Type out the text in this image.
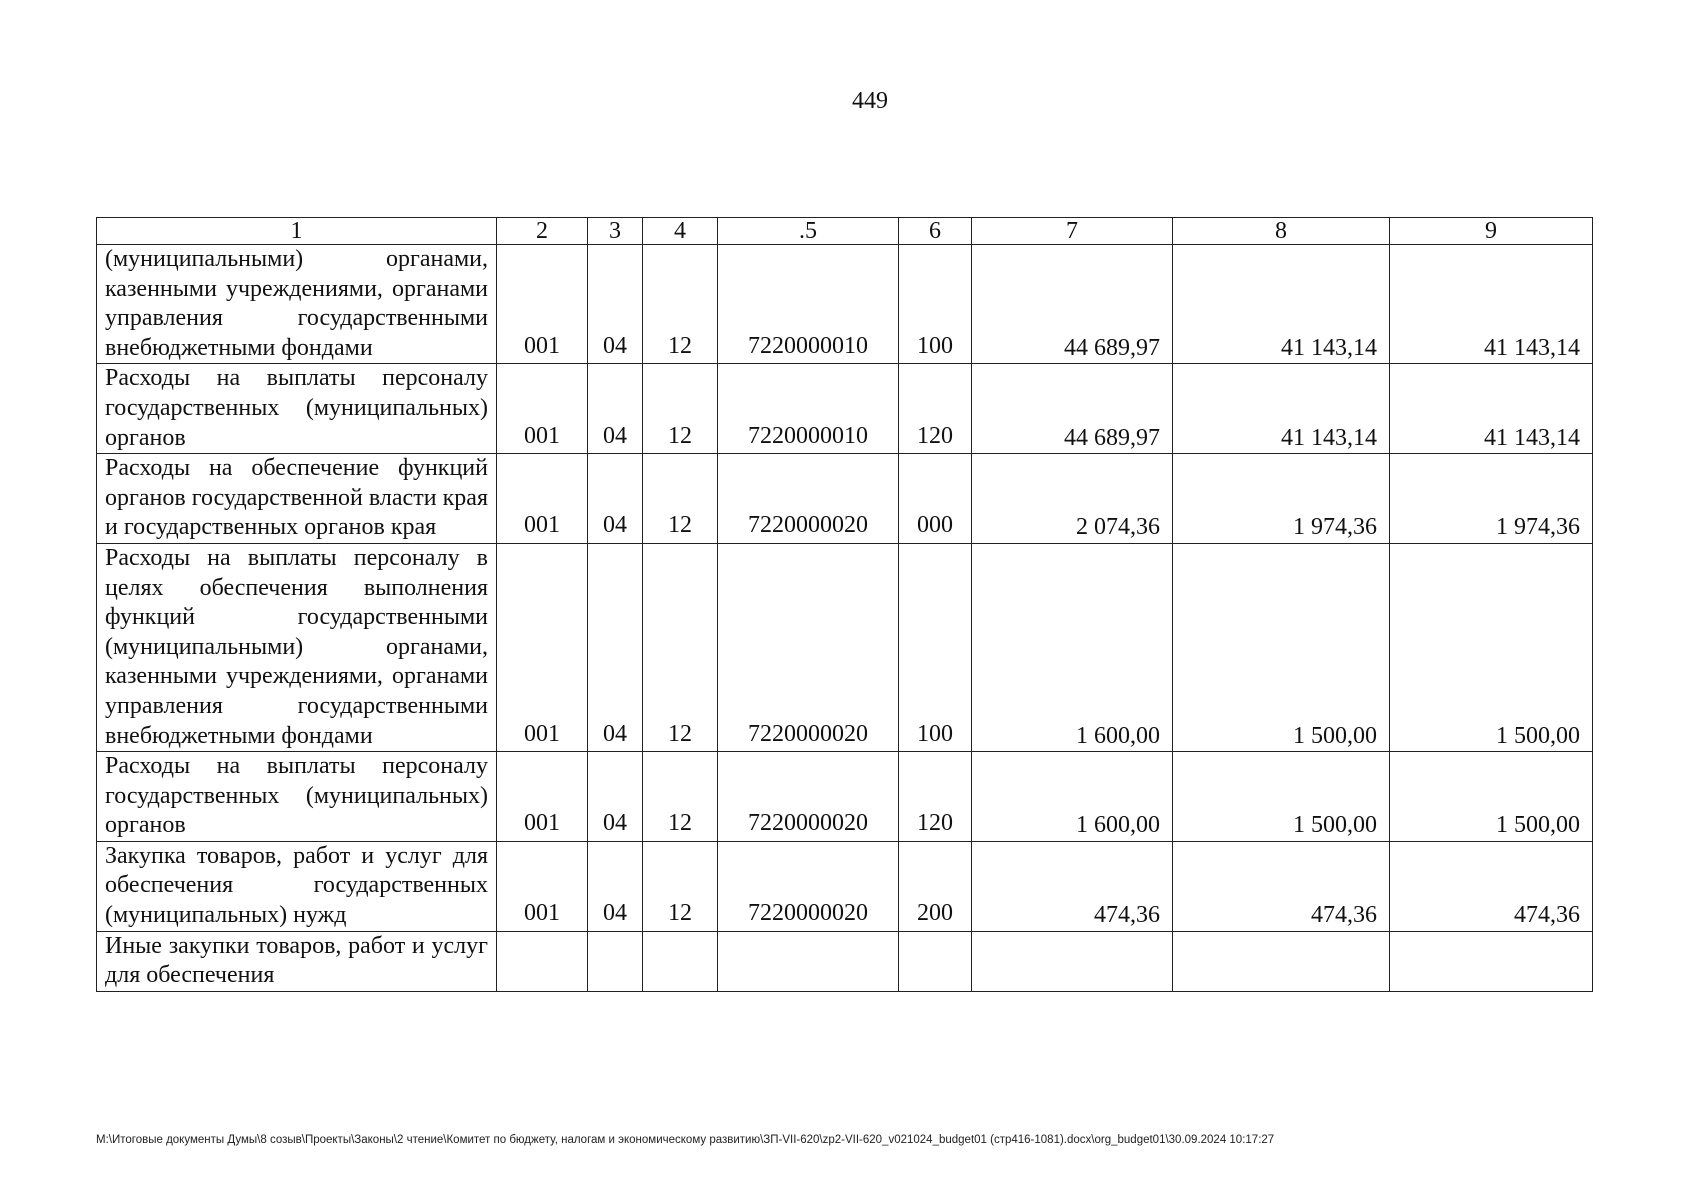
449
1	2	3	4	.5	6	7	8	9
(муниципальными) органами, казенными учреждениями, органами управления государственными внебюджетными фондами	001	04	12	7220000010	100	44 689,97	41 143,14	41 143,14
Расходы на выплаты персоналу государственных (муниципальных) органов	001	04	12	7220000010	120	44 689,97	41 143,14	41 143,14
Расходы на обеспечение функций органов государственной власти края и государственных органов края	001	04	12	7220000020	000	2 074,36	1 974,36	1 974,36
Расходы на выплаты персоналу в целях обеспечения выполнения функций государственными (муниципальными) органами, казенными учреждениями, органами управления государственными внебюджетными фондами	001	04	12	7220000020	100	1 600,00	1 500,00	1 500,00
Расходы на выплаты персоналу государственных (муниципальных) органов	001	04	12	7220000020	120	1 600,00	1 500,00	1 500,00
Закупка товаров, работ и услуг для обеспечения государственных (муниципальных) нужд	001	04	12	7220000020	200	474,36	474,36	474,36
Иные закупки товаров, работ и услуг для обеспечения								
M:\Итоговые документы Думы\8 созыв\Проекты\Законы\2 чтение\Комитет по бюджету, налогам и экономическому развитию\ЗП-VII-620\zp2-VII-620_v021024_budget01 (стр416-1081).docx\org_budget01\30.09.2024 10:17:27
